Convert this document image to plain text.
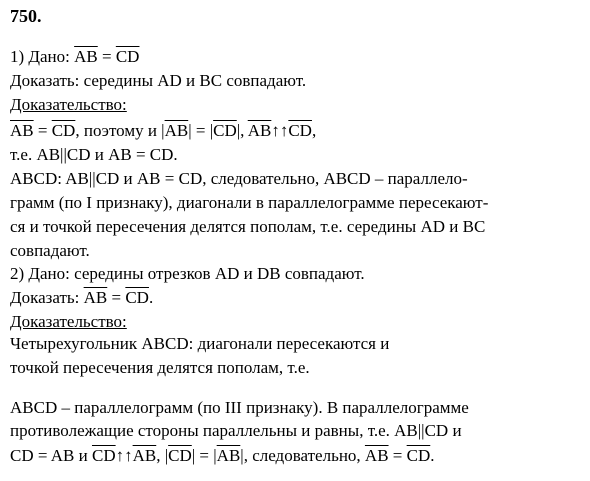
750.
1) Дано: $\overline{AB} = \overline{CD}$
Доказать: середины AD и BC совпадают.
Доказательство:
$\overline{AB} = \overline{CD}$, поэтому и $|\overline{AB}| = |\overline{CD}|$, $\overline{AB}↑↑\overline{CD}$,
т.е. AB||CD и AB = CD.
ABCD: AB||CD и AB = CD, следовательно, ABCD – параллело-
грамм (по I признаку), диагонали в параллелограмме пересекают-
ся и точкой пересечения делятся пополам, т.е. середины AD и BC
совпадают.
2) Дано: середины отрезков AD и DB совпадают.
Доказать: $\overline{AB} = \overline{CD}$.
Доказательство:
Четырехугольник ABCD: диагонали пересекаются и
точкой пересечения делятся пополам, т.е.
ABCD – параллелограмм (по III признаку). В параллелограмме
противолежащие стороны параллельны и равны, т.е. AB||CD и
CD = AB и $\overline{CD}↑↑\overline{AB}$, $|\overline{CD}| = |\overline{AB}|$, следовательно, $\overline{AB} = \overline{CD}$.
